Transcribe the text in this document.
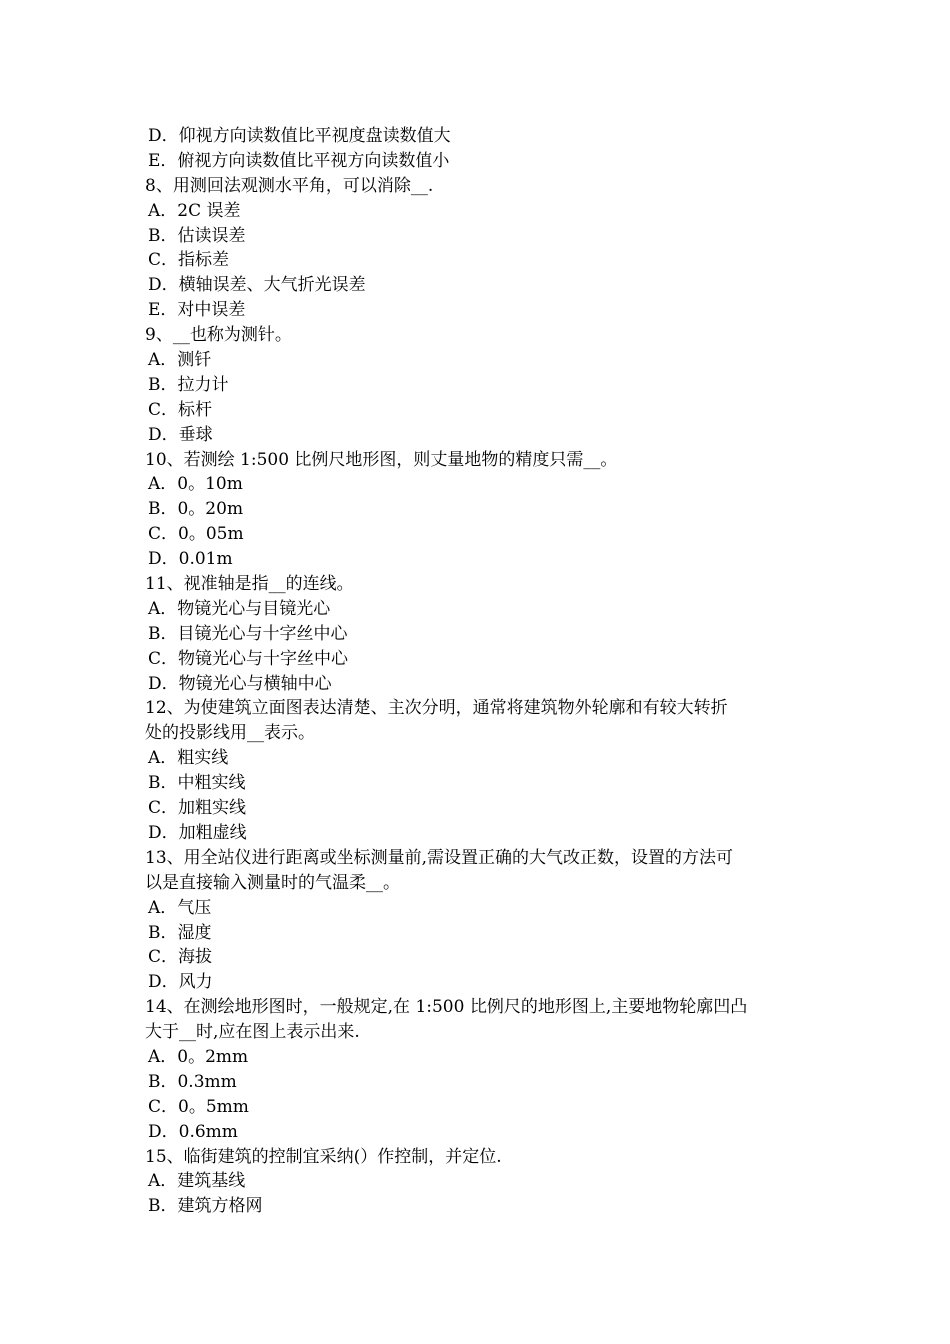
D．仰视方向读数值比平视度盘读数值大
E．俯视方向读数值比平视方向读数值小
8、用测回法观测水平角，可以消除__.
A．2C 误差
B．估读误差
C．指标差
D．横轴误差、大气折光误差
E．对中误差
9、__也称为测针。
A．测钎
B．拉力计
C．标杆
D．垂球
10、若测绘 1:500 比例尺地形图，则丈量地物的精度只需__。
A．0。10m
B．0。20m
C．0。05m
D．0.01m
11、视准轴是指__的连线。
A．物镜光心与目镜光心
B．目镜光心与十字丝中心
C．物镜光心与十字丝中心
D．物镜光心与横轴中心
12、为使建筑立面图表达清楚、主次分明，通常将建筑物外轮廓和有较大转折
处的投影线用__表示。
A．粗实线
B．中粗实线
C．加粗实线
D．加粗虚线
13、用全站仪进行距离或坐标测量前,需设置正确的大气改正数，设置的方法可
以是直接输入测量时的气温柔__。
A．气压
B．湿度
C．海拔
D．风力
14、在测绘地形图时，一般规定,在 1:500 比例尺的地形图上,主要地物轮廓凹凸
大于__时,应在图上表示出来.
A．0。2mm
B．0.3mm
C．0。5mm
D．0.6mm
15、临街建筑的控制宜采纳(）作控制，并定位.
A．建筑基线
B．建筑方格网
